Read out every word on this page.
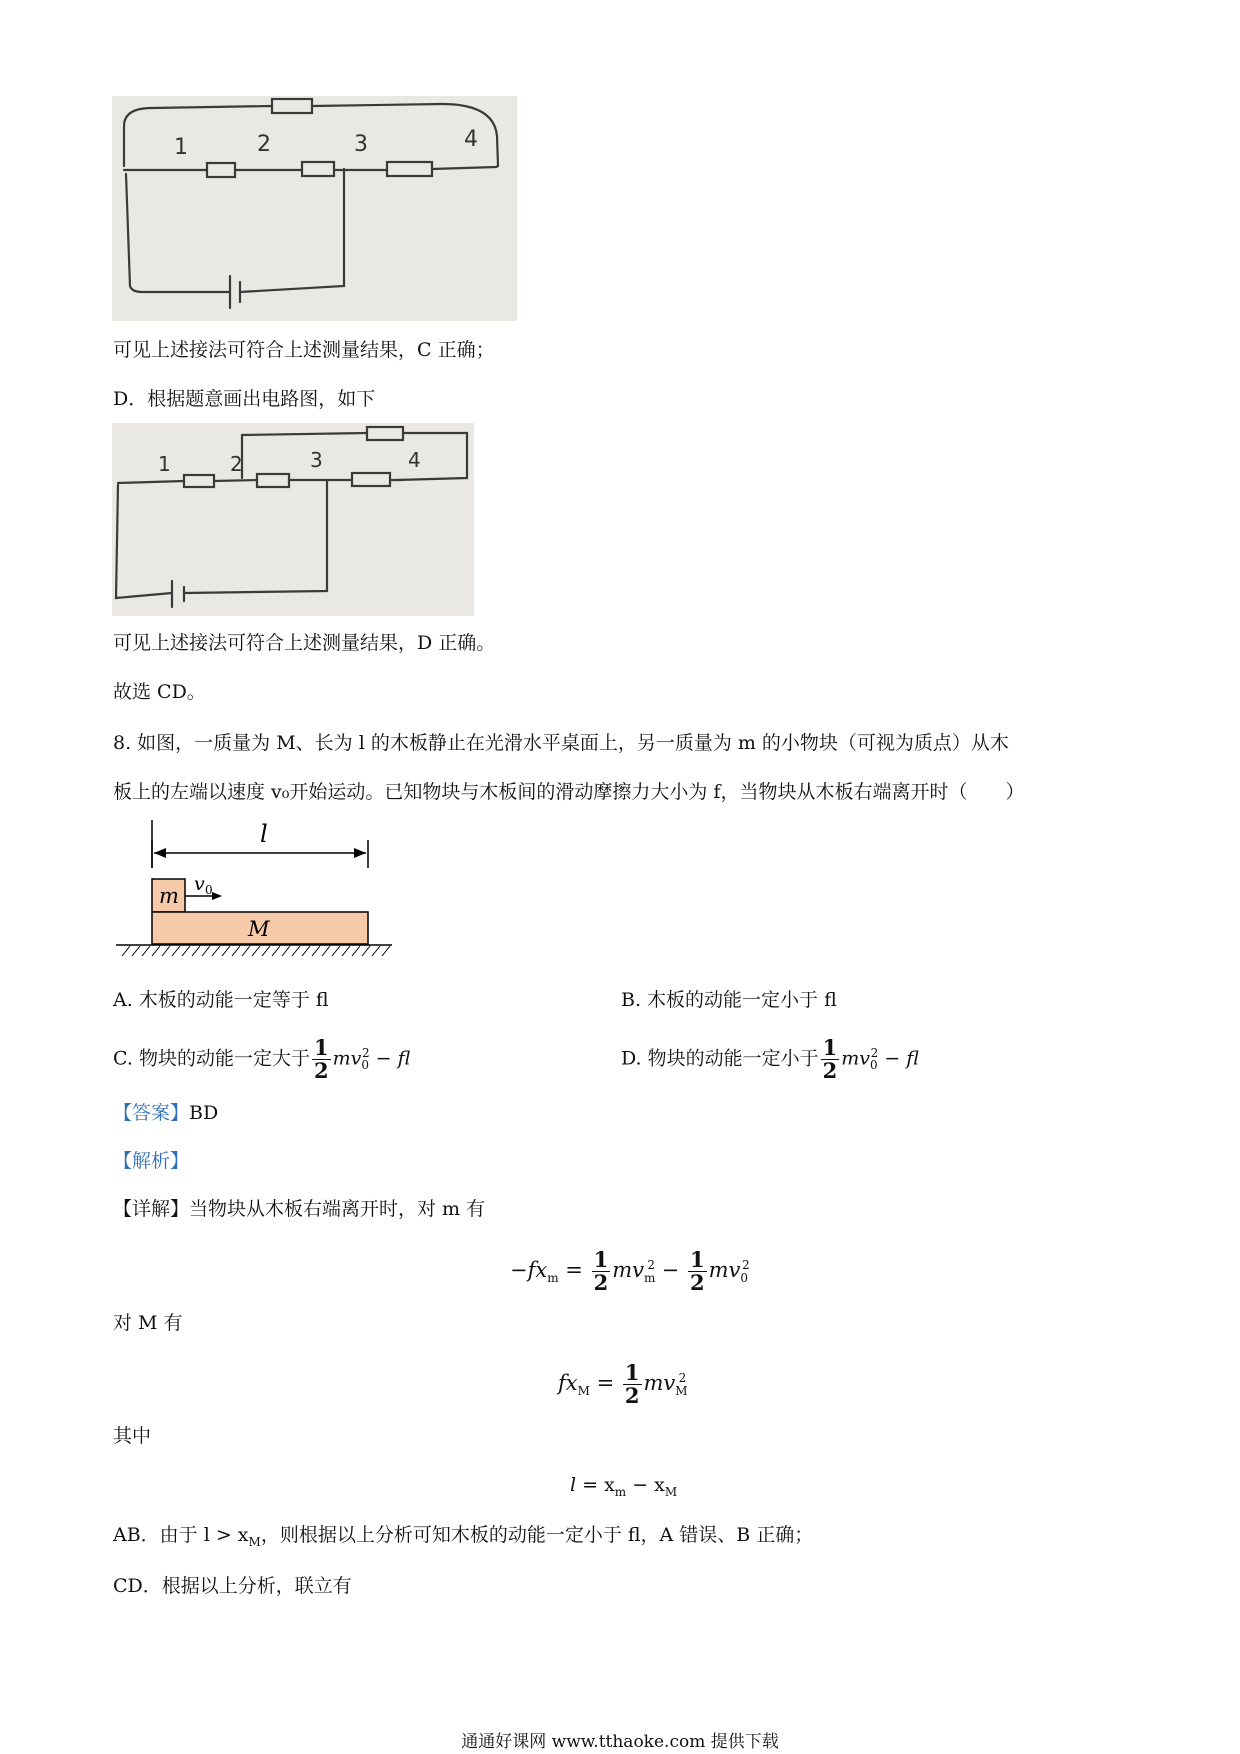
1	2	3	4
可见上述接法可符合上述测量结果，C 正确；
D．根据题意画出电路图，如下
1	2	3	4
可见上述接法可符合上述测量结果，D 正确。
故选 CD。
8. 如图，一质量为 M、长为 l 的木板静止在光滑水平桌面上，另一质量为 m 的小物块（可视为质点）从木
板上的左端以速度 v₀开始运动。已知物块与木板间的滑动摩擦力大小为 f，当物块从木板右端离开时（　　）
l
m v 0
M
A. 木板的动能一定等于 fl	B. 木板的动能一定小于 fl
C. 物块的动能一定大于 $\frac{1}{2} mv_0^2$ − fl	D. 物块的动能一定小于 $\frac{1}{2} mv_0^2$ − fl
【答案】BD
【解析】
【详解】当物块从木板右端离开时，对 m 有
$-fx_m = \frac{1}{2} mv_m^2 - \frac{1}{2} mv_0^2$
对 M 有
$fx_M = \frac{1}{2} mv_M^2$
其中
$l = x_m - x_M$
AB．由于 $l > x_M$，则根据以上分析可知木板的动能一定小于 fl，A 错误、B 正确；
CD．根据以上分析，联立有
通通好课网 www.tthaoke.com 提供下载
